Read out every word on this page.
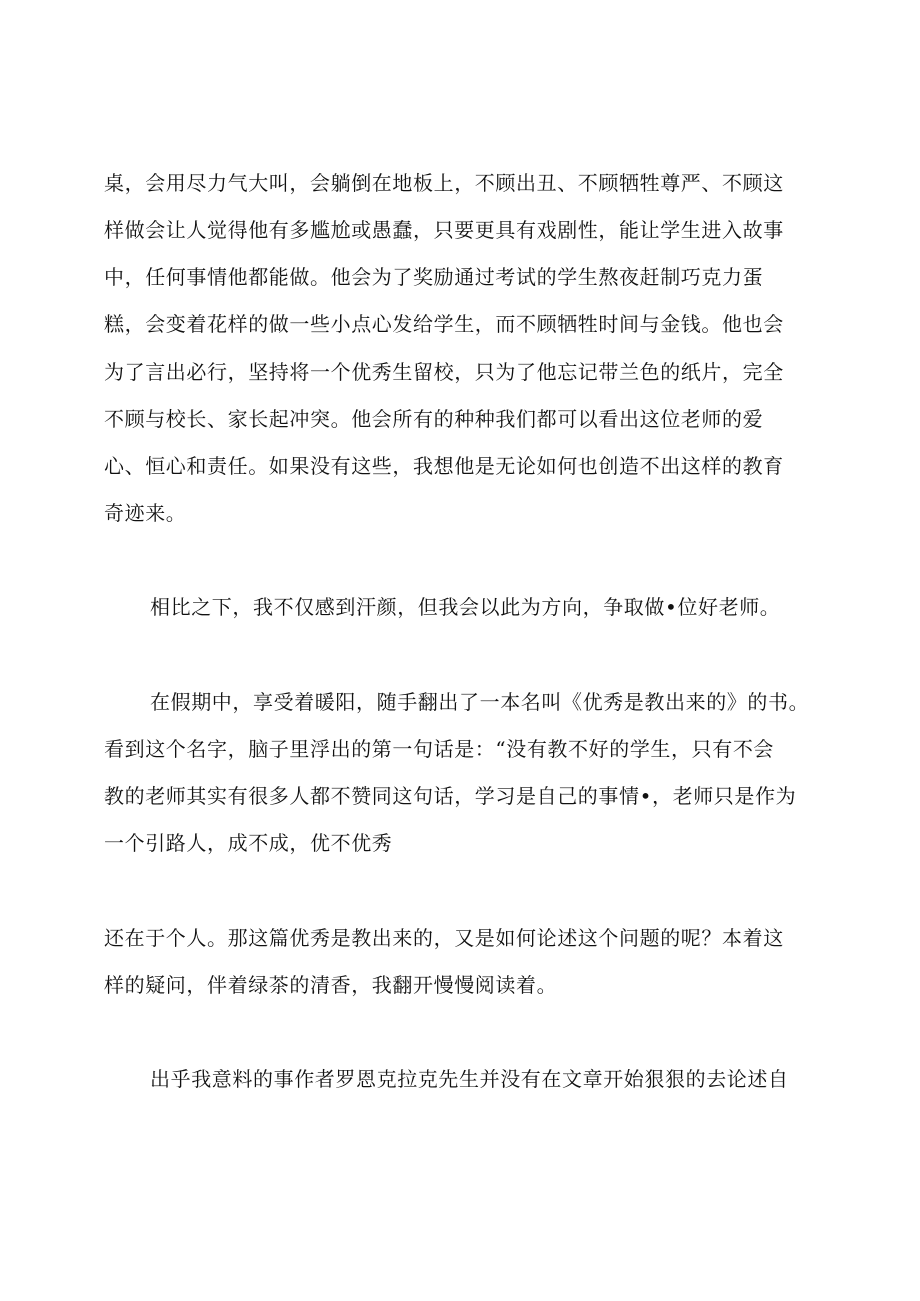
桌，会用尽力气大叫，会躺倒在地板上，不顾出丑、不顾牺牲尊严、不顾这
样做会让人觉得他有多尴尬或愚蠢，只要更具有戏剧性，能让学生进入故事
中，任何事情他都能做。他会为了奖励通过考试的学生熬夜赶制巧克力蛋
糕，会变着花样的做一些小点心发给学生，而不顾牺牲时间与金钱。他也会
为了言出必行，坚持将一个优秀生留校，只为了他忘记带兰色的纸片，完全
不顾与校长、家长起冲突。他会所有的种种我们都可以看出这位老师的爱
心、恒心和责任。如果没有这些，我想他是无论如何也创造不出这样的教育
奇迹来。
相比之下，我不仅感到汗颜，但我会以此为方向，争取做•位好老师。
在假期中，享受着暖阳，随手翻出了一本名叫《优秀是教出来的》的书。
看到这个名字，脑子里浮出的第一句话是：“没有教不好的学生，只有不会
教的老师其实有很多人都不赞同这句话，学习是自己的事情•，老师只是作为
一个引路人，成不成，优不优秀
还在于个人。那这篇优秀是教出来的，又是如何论述这个问题的呢？本着这
样的疑问，伴着绿茶的清香，我翻开慢慢阅读着。
出乎我意料的事作者罗恩克拉克先生并没有在文章开始狠狠的去论述自
